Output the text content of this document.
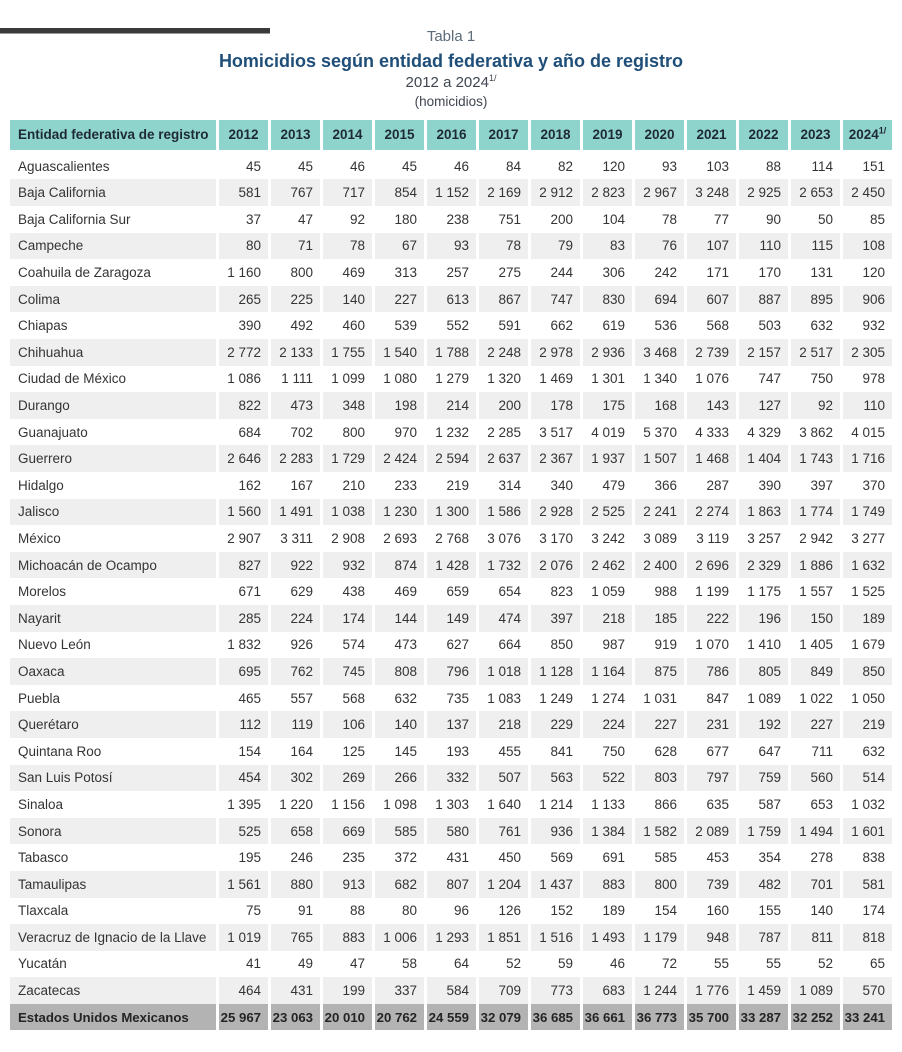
Tabla 1
Homicidios según entidad federativa y año de registro
2012 a $2024^{1/}$
(homicidios)
Entidad federativa de registro	2012	2013	2014	2015	2016	2017	2018	2019	2020	2021	2022	2023	$2024^{1/}$
Aguascalientes	45	45	46	45	46	84	82	120	93	103	88	114	151
Baja California	581	767	717	854	1 152	2 169	2 912	2 823	2 967	3 248	2 925	2 653	2 450
Baja California Sur	37	47	92	180	238	751	200	104	78	77	90	50	85
Campeche	80	71	78	67	93	78	79	83	76	107	110	115	108
Coahuila de Zaragoza	1 160	800	469	313	257	275	244	306	242	171	170	131	120
Colima	265	225	140	227	613	867	747	830	694	607	887	895	906
Chiapas	390	492	460	539	552	591	662	619	536	568	503	632	932
Chihuahua	2 772	2 133	1 755	1 540	1 788	2 248	2 978	2 936	3 468	2 739	2 157	2 517	2 305
Ciudad de México	1 086	1 111	1 099	1 080	1 279	1 320	1 469	1 301	1 340	1 076	747	750	978
Durango	822	473	348	198	214	200	178	175	168	143	127	92	110
Guanajuato	684	702	800	970	1 232	2 285	3 517	4 019	5 370	4 333	4 329	3 862	4 015
Guerrero	2 646	2 283	1 729	2 424	2 594	2 637	2 367	1 937	1 507	1 468	1 404	1 743	1 716
Hidalgo	162	167	210	233	219	314	340	479	366	287	390	397	370
Jalisco	1 560	1 491	1 038	1 230	1 300	1 586	2 928	2 525	2 241	2 274	1 863	1 774	1 749
México	2 907	3 311	2 908	2 693	2 768	3 076	3 170	3 242	3 089	3 119	3 257	2 942	3 277
Michoacán de Ocampo	827	922	932	874	1 428	1 732	2 076	2 462	2 400	2 696	2 329	1 886	1 632
Morelos	671	629	438	469	659	654	823	1 059	988	1 199	1 175	1 557	1 525
Nayarit	285	224	174	144	149	474	397	218	185	222	196	150	189
Nuevo León	1 832	926	574	473	627	664	850	987	919	1 070	1 410	1 405	1 679
Oaxaca	695	762	745	808	796	1 018	1 128	1 164	875	786	805	849	850
Puebla	465	557	568	632	735	1 083	1 249	1 274	1 031	847	1 089	1 022	1 050
Querétaro	112	119	106	140	137	218	229	224	227	231	192	227	219
Quintana Roo	154	164	125	145	193	455	841	750	628	677	647	711	632
San Luis Potosí	454	302	269	266	332	507	563	522	803	797	759	560	514
Sinaloa	1 395	1 220	1 156	1 098	1 303	1 640	1 214	1 133	866	635	587	653	1 032
Sonora	525	658	669	585	580	761	936	1 384	1 582	2 089	1 759	1 494	1 601
Tabasco	195	246	235	372	431	450	569	691	585	453	354	278	838
Tamaulipas	1 561	880	913	682	807	1 204	1 437	883	800	739	482	701	581
Tlaxcala	75	91	88	80	96	126	152	189	154	160	155	140	174
Veracruz de Ignacio de la Llave	1 019	765	883	1 006	1 293	1 851	1 516	1 493	1 179	948	787	811	818
Yucatán	41	49	47	58	64	52	59	46	72	55	55	52	65
Zacatecas	464	431	199	337	584	709	773	683	1 244	1 776	1 459	1 089	570
Estados Unidos Mexicanos	25 967	23 063	20 010	20 762	24 559	32 079	36 685	36 661	36 773	35 700	33 287	32 252	33 241
